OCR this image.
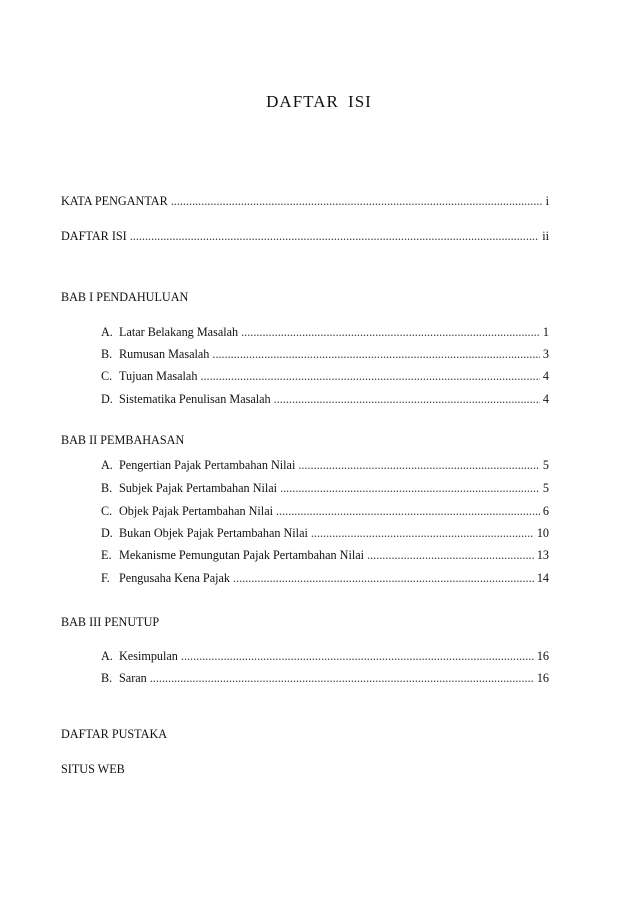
DAFTAR ISI
KATA PENGANTAR .....	i
DAFTAR ISI .....	ii
BAB I PENDAHULUAN
A. Latar Belakang Masalah .....	1
B. Rumusan Masalah .....	3
C. Tujuan Masalah .....	4
D. Sistematika Penulisan Masalah .....	4
BAB II PEMBAHASAN
A. Pengertian Pajak Pertambahan Nilai .....	5
B. Subjek Pajak Pertambahan Nilai .....	5
C. Objek Pajak Pertambahan Nilai .....	6
D. Bukan Objek Pajak Pertambahan Nilai .....	10
E. Mekanisme Pemungutan Pajak Pertambahan Nilai .....	13
F. Pengusaha Kena Pajak .....	14
BAB III PENUTUP
A. Kesimpulan .....	16
B. Saran .....	16
DAFTAR PUSTAKA
SITUS WEB
